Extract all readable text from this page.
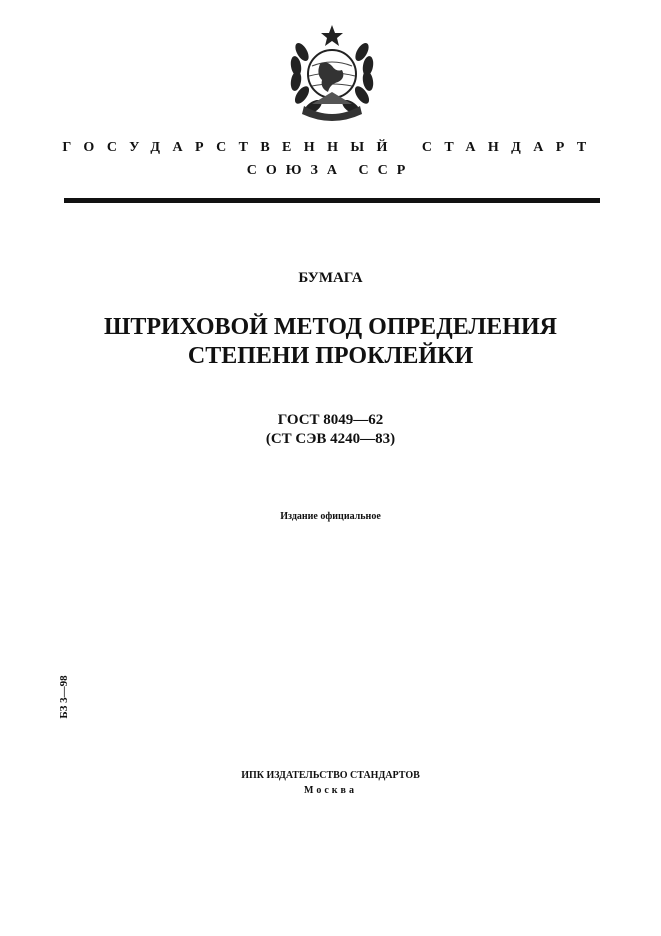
ГОСУДАРСТВЕННЫЙ СТАНДАРТ
СОЮЗА ССР
БУМАГА
ШТРИХОВОЙ МЕТОД ОПРЕДЕЛЕНИЯ
СТЕПЕНИ ПРОКЛЕЙКИ
ГОСТ 8049—62
(СТ СЭВ 4240—83)
Издание официальное
БЗ 3—98
ИПК ИЗДАТЕЛЬСТВО СТАНДАРТОВ
Москва
